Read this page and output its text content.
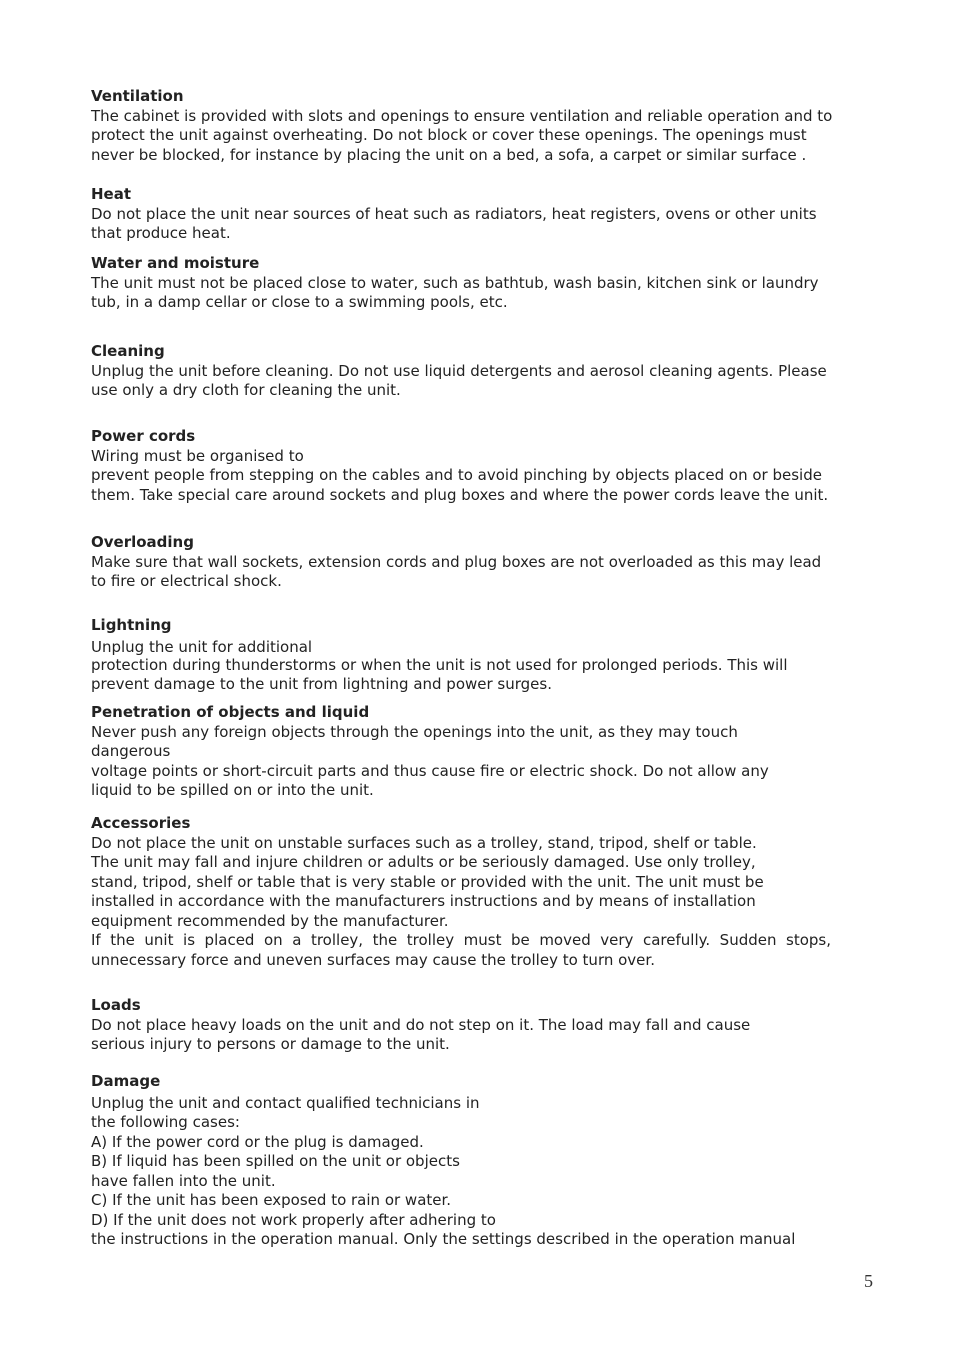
Ventilation

The cabinet is provided with slots and openings to ensure ventilation and reliable operation and to
protect the unit against overheating. Do not block or cover these openings. The openings must
never be blocked, for instance by placing the unit on a bed, a sofa, a carpet or similar surface .

Heat

Do not place the unit near sources of heat such as radiators, heat registers, ovens or other units
that produce heat.

Water and moisture

The unit must not be placed close to water, such as bathtub, wash basin, kitchen sink or laundry
tub, in a damp cellar or close to a swimming pools, etc.

Cleaning

Unplug the unit before cleaning. Do not use liquid detergents and aerosol cleaning agents. Please
use only a dry cloth for cleaning the unit.

Power cords

Wiring must be organised to
prevent people from stepping on the cables and to avoid pinching by objects placed on or beside
them. Take special care around sockets and plug boxes and where the power cords leave the unit.

Overloading

Make sure that wall sockets, extension cords and plug boxes are not overloaded as this may lead
to fire or electrical shock.

Lightning

Unplug the unit for additional
protection during thunderstorms or when the unit is not used for prolonged periods. This will
prevent damage to the unit from lightning and power surges.

Penetration of objects and liquid

Never push any foreign objects through the openings into the unit, as they may touch
dangerous
voltage points or short-circuit parts and thus cause fire or electric shock. Do not allow any
liquid to be spilled on or into the unit.

Accessories

Do not place the unit on unstable surfaces such as a trolley, stand, tripod, shelf or table.
The unit may fall and injure children or adults or be seriously damaged. Use only trolley,
stand, tripod, shelf or table that is very stable or provided with the unit. The unit must be
installed in accordance with the manufacturers instructions and by means of installation
equipment recommended by the manufacturer.

If the unit is placed on a trolley, the trolley must be moved very carefully. Sudden stops, unnecessary force and uneven surfaces may cause the trolley to turn over.

Loads

Do not place heavy loads on the unit and do not step on it. The load may fall and cause
serious injury to persons or damage to the unit.

Damage

Unplug the unit and contact qualified technicians in
the following cases:
A) If the power cord or the plug is damaged.
B) If liquid has been spilled on the unit or objects
have fallen into the unit.
C) If the unit has been exposed to rain or water.
D) If the unit does not work properly after adhering to
the instructions in the operation manual. Only the settings described in the operation manual

5
